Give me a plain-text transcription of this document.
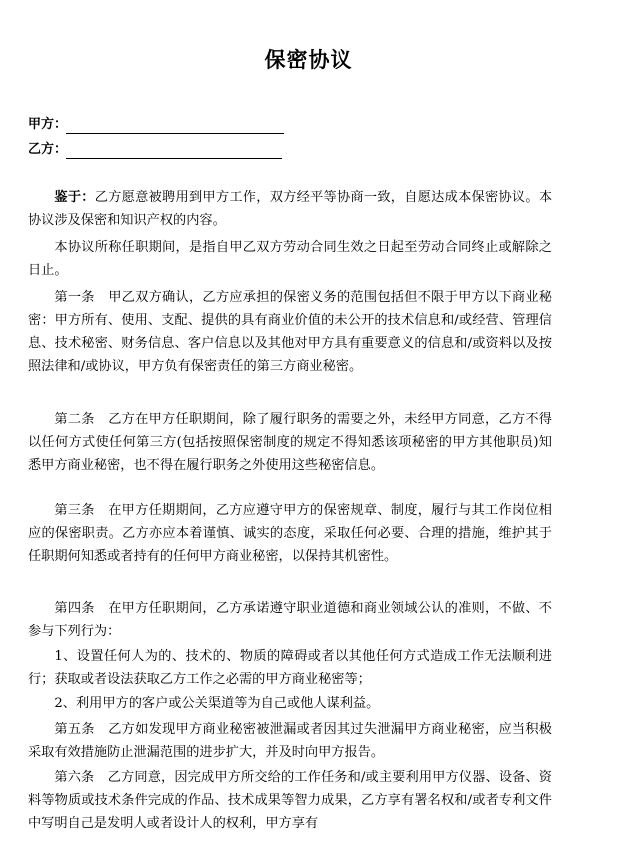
保密协议
甲方：
乙方：

鉴于：乙方愿意被聘用到甲方工作，双方经平等协商一致，自愿达成本保密协议。本协议涉及保密和知识产权的内容。

本协议所称任职期间，是指自甲乙双方劳动合同生效之日起至劳动合同终止或解除之日止。

第一条　甲乙双方确认，乙方应承担的保密义务的范围包括但不限于甲方以下商业秘密：甲方所有、使用、支配、提供的具有商业价值的未公开的技术信息和/或经营、管理信息、技术秘密、财务信息、客户信息以及其他对甲方具有重要意义的信息和/或资料以及按照法律和/或协议，甲方负有保密责任的第三方商业秘密。

第二条　乙方在甲方任职期间，除了履行职务的需要之外，未经甲方同意，乙方不得以任何方式使任何第三方(包括按照保密制度的规定不得知悉该项秘密的甲方其他职员)知悉甲方商业秘密，也不得在履行职务之外使用这些秘密信息。

第三条　在甲方任期期间，乙方应遵守甲方的保密规章、制度，履行与其工作岗位相应的保密职责。乙方亦应本着谨慎、诚实的态度，采取任何必要、合理的措施，维护其于任职期何知悉或者持有的任何甲方商业秘密，以保持其机密性。

第四条　在甲方任职期间，乙方承诺遵守职业道德和商业领域公认的准则，不做、不参与下列行为：

1、设置任何人为的、技术的、物质的障碍或者以其他任何方式造成工作无法顺利进行；获取或者设法获取乙方工作之必需的甲方商业秘密等；

2、利用甲方的客户或公关渠道等为自己或他人谋利益。

第五条　乙方如发现甲方商业秘密被泄漏或者因其过失泄漏甲方商业秘密，应当积极采取有效措施防止泄漏范围的进步扩大，并及时向甲方报告。

第六条　乙方同意，因完成甲方所交给的工作任务和/或主要利用甲方仪器、设备、资料等物质或技术条件完成的作品、技术成果等智力成果，乙方享有署名权和/或者专利文件中写明自己是发明人或者设计人的权利，甲方享有
